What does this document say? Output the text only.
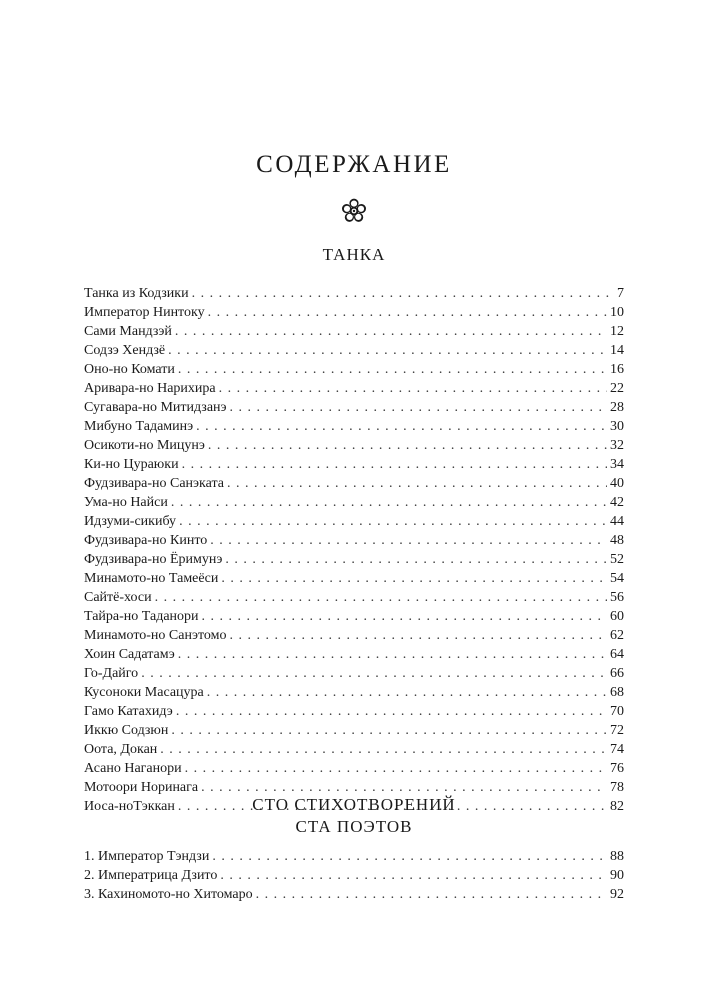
СОДЕРЖАНИЕ
ТАНКА
Танка из Кодзики . . .	7
Император Нинтоку . . .	10
Сами Мандзэй . . .	12
Содзэ Хендзё . . .	14
Оно-но Комати . . .	16
Аривара-но Нарихира . . .	22
Сугавара-но Митидзанэ . . .	28
Мибуно Тадаминэ . . .	30
Осикоти-но Мицунэ . . .	32
Ки-но Цураюки . . .	34
Фудзивара-но Санэката . . .	40
Ума-но Найси . . .	42
Идзуми-сикибу . . .	44
Фудзивара-но Кинто . . .	48
Фудзивара-но Ёримунэ . . .	52
Минамото-но Тамеёси . . .	54
Сайтё-хоси . . .	56
Тайра-но Таданори . . .	60
Минамото-но Санэтомо . . .	62
Хоин Садатамэ . . .	64
Го-Дайго . . .	66
Кусоноки Масацура . . .	68
Гамо Катахидэ . . .	70
Иккю Содзюн . . .	72
Оота, Докан . . .	74
Асано Наганори . . .	76
Мотоори Норинага . . .	78
Иоса-ноТэккан . . .	82
СТО СТИХОТВОРЕНИЙ
СТА ПОЭТОВ
1. Император Тэндзи . . .	88
2. Императрица Дзито . . .	90
3. Кахиномото-но Хитомаро . . .	92
